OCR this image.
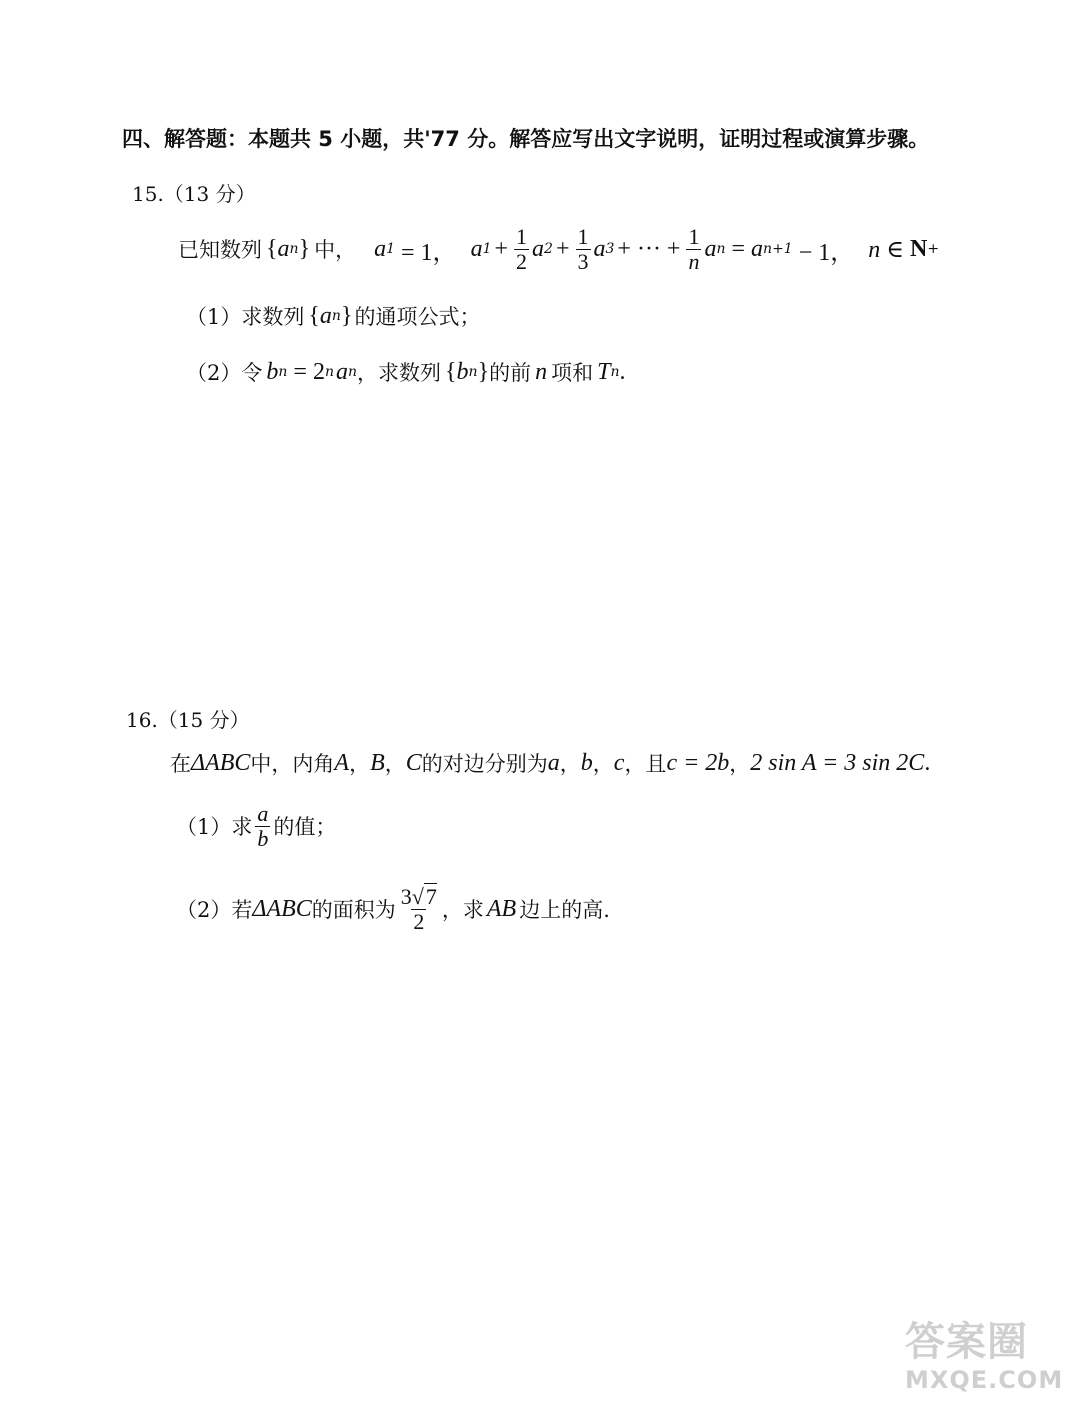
四、解答题：本题共 5 小题，共'77 分。解答应写出文字说明，证明过程或演算步骤。
15.（13 分）
已知数列 { a n } 中， a 1 = 1， a $1 + \frac{1}{2}$ a $2 + \frac{1}{3}$ a 3 + ··· + $\frac{1}{n}$ a n = a n+1 − 1， n ∈ N +
（1）求数列 { a n } 的通项公式；
（2）令 b n = 2 n a n ，求数列 { b n } 的前 n 项和 T n .
16.（15 分）
在 ΔABC 中，内角 A ， B ， C 的对边分别为 a ， b ， c ，且 c = 2b ， 2 sin A = 3 sin 2C .
（1）求 $\frac{a}{b}$ 的值；
（2）若 ΔABC 的面积为 $\frac{3√7}{2}$ ，求 AB 边上的高.
答案圈
MXQE.COM
